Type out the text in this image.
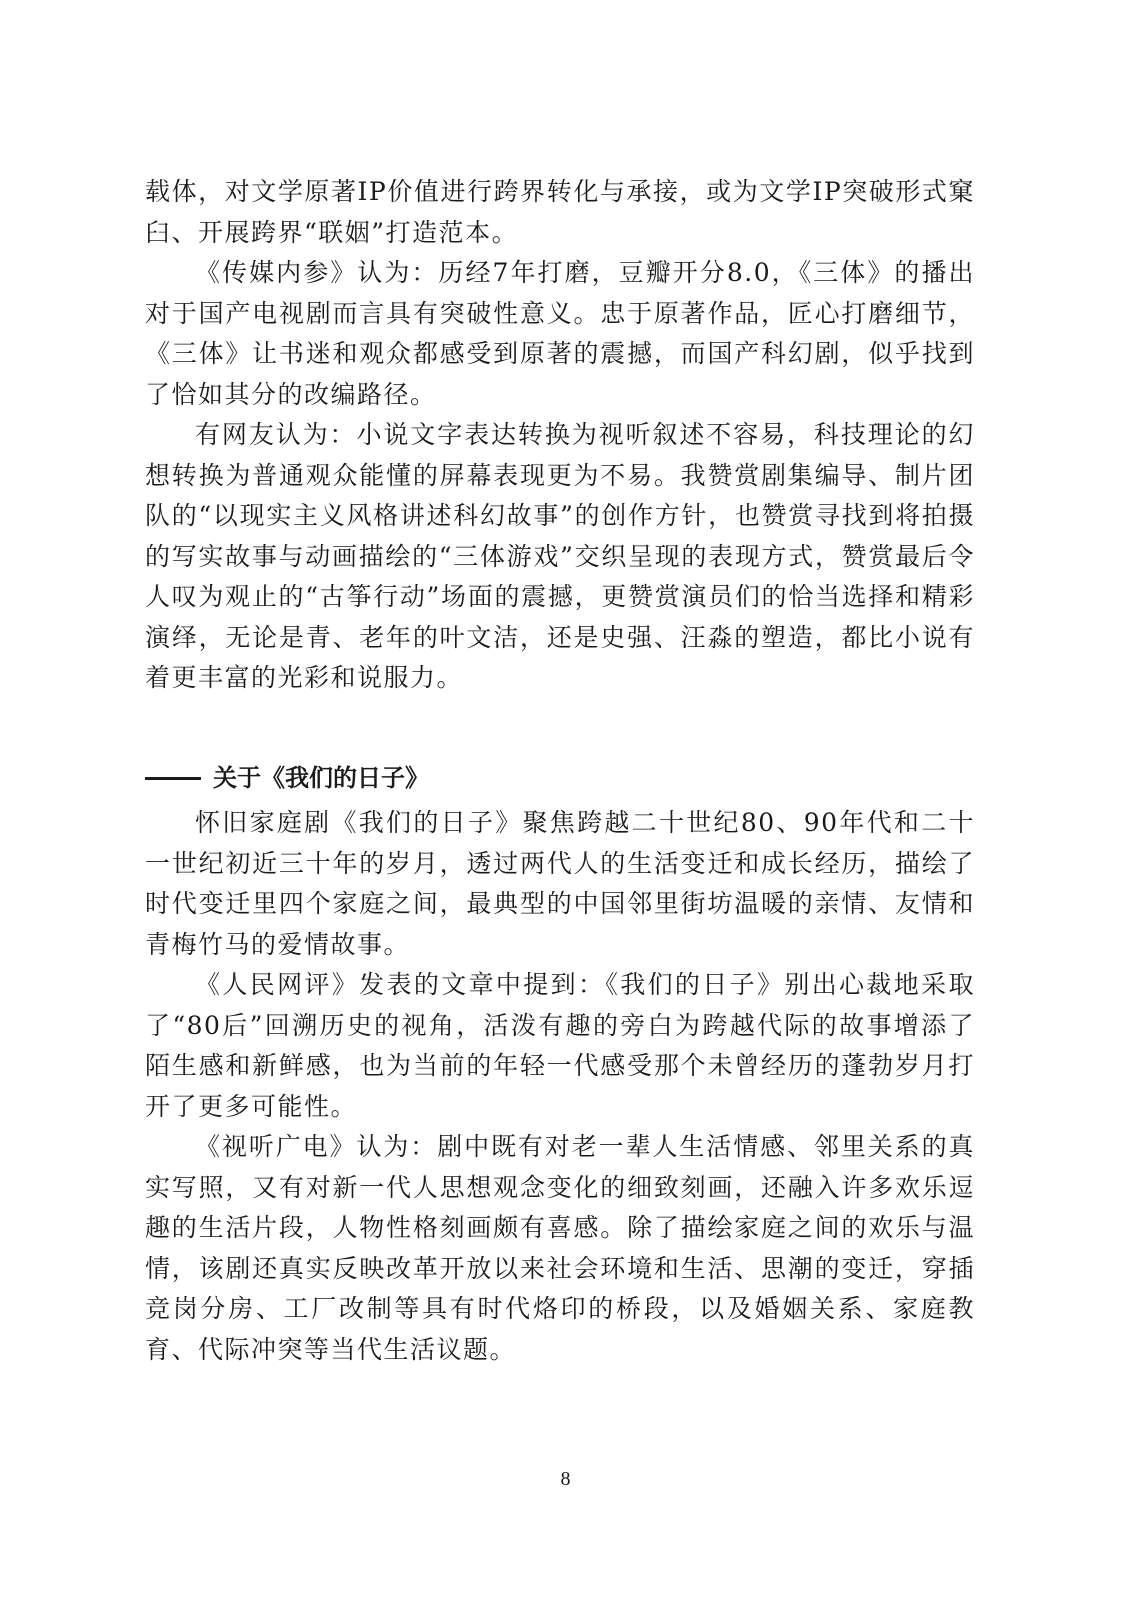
载体，对文学原著IP价值进行跨界转化与承接，或为文学IP突破形式窠臼、开展跨界“联姻”打造范本。

《传媒内参》认为：历经7年打磨，豆瓣开分8.0，《三体》的播出对于国产电视剧而言具有突破性意义。忠于原著作品，匠心打磨细节，《三体》让书迷和观众都感受到原著的震撼，而国产科幻剧，似乎找到了恰如其分的改编路径。

有网友认为：小说文字表达转换为视听叙述不容易，科技理论的幻想转换为普通观众能懂的屏幕表现更为不易。我赞赏剧集编导、制片团队的“以现实主义风格讲述科幻故事”的创作方针，也赞赏寻找到将拍摄的写实故事与动画描绘的“三体游戏”交织呈现的表现方式，赞赏最后令人叹为观止的“古筝行动”场面的震撼，更赞赏演员们的恰当选择和精彩演绎，无论是青、老年的叶文洁，还是史强、汪淼的塑造，都比小说有着更丰富的光彩和说服力。

关于《我们的日子》

怀旧家庭剧《我们的日子》聚焦跨越二十世纪80、90年代和二十一世纪初近三十年的岁月，透过两代人的生活变迁和成长经历，描绘了时代变迁里四个家庭之间，最典型的中国邻里街坊温暖的亲情、友情和青梅竹马的爱情故事。

《人民网评》发表的文章中提到：《我们的日子》别出心裁地采取了“80后”回溯历史的视角，活泼有趣的旁白为跨越代际的故事增添了陌生感和新鲜感，也为当前的年轻一代感受那个未曾经历的蓬勃岁月打开了更多可能性。

《视听广电》认为：剧中既有对老一辈人生活情感、邻里关系的真实写照，又有对新一代人思想观念变化的细致刻画，还融入许多欢乐逗趣的生活片段，人物性格刻画颇有喜感。除了描绘家庭之间的欢乐与温情，该剧还真实反映改革开放以来社会环境和生活、思潮的变迁，穿插竞岗分房、工厂改制等具有时代烙印的桥段，以及婚姻关系、家庭教育、代际冲突等当代生活议题。

8
